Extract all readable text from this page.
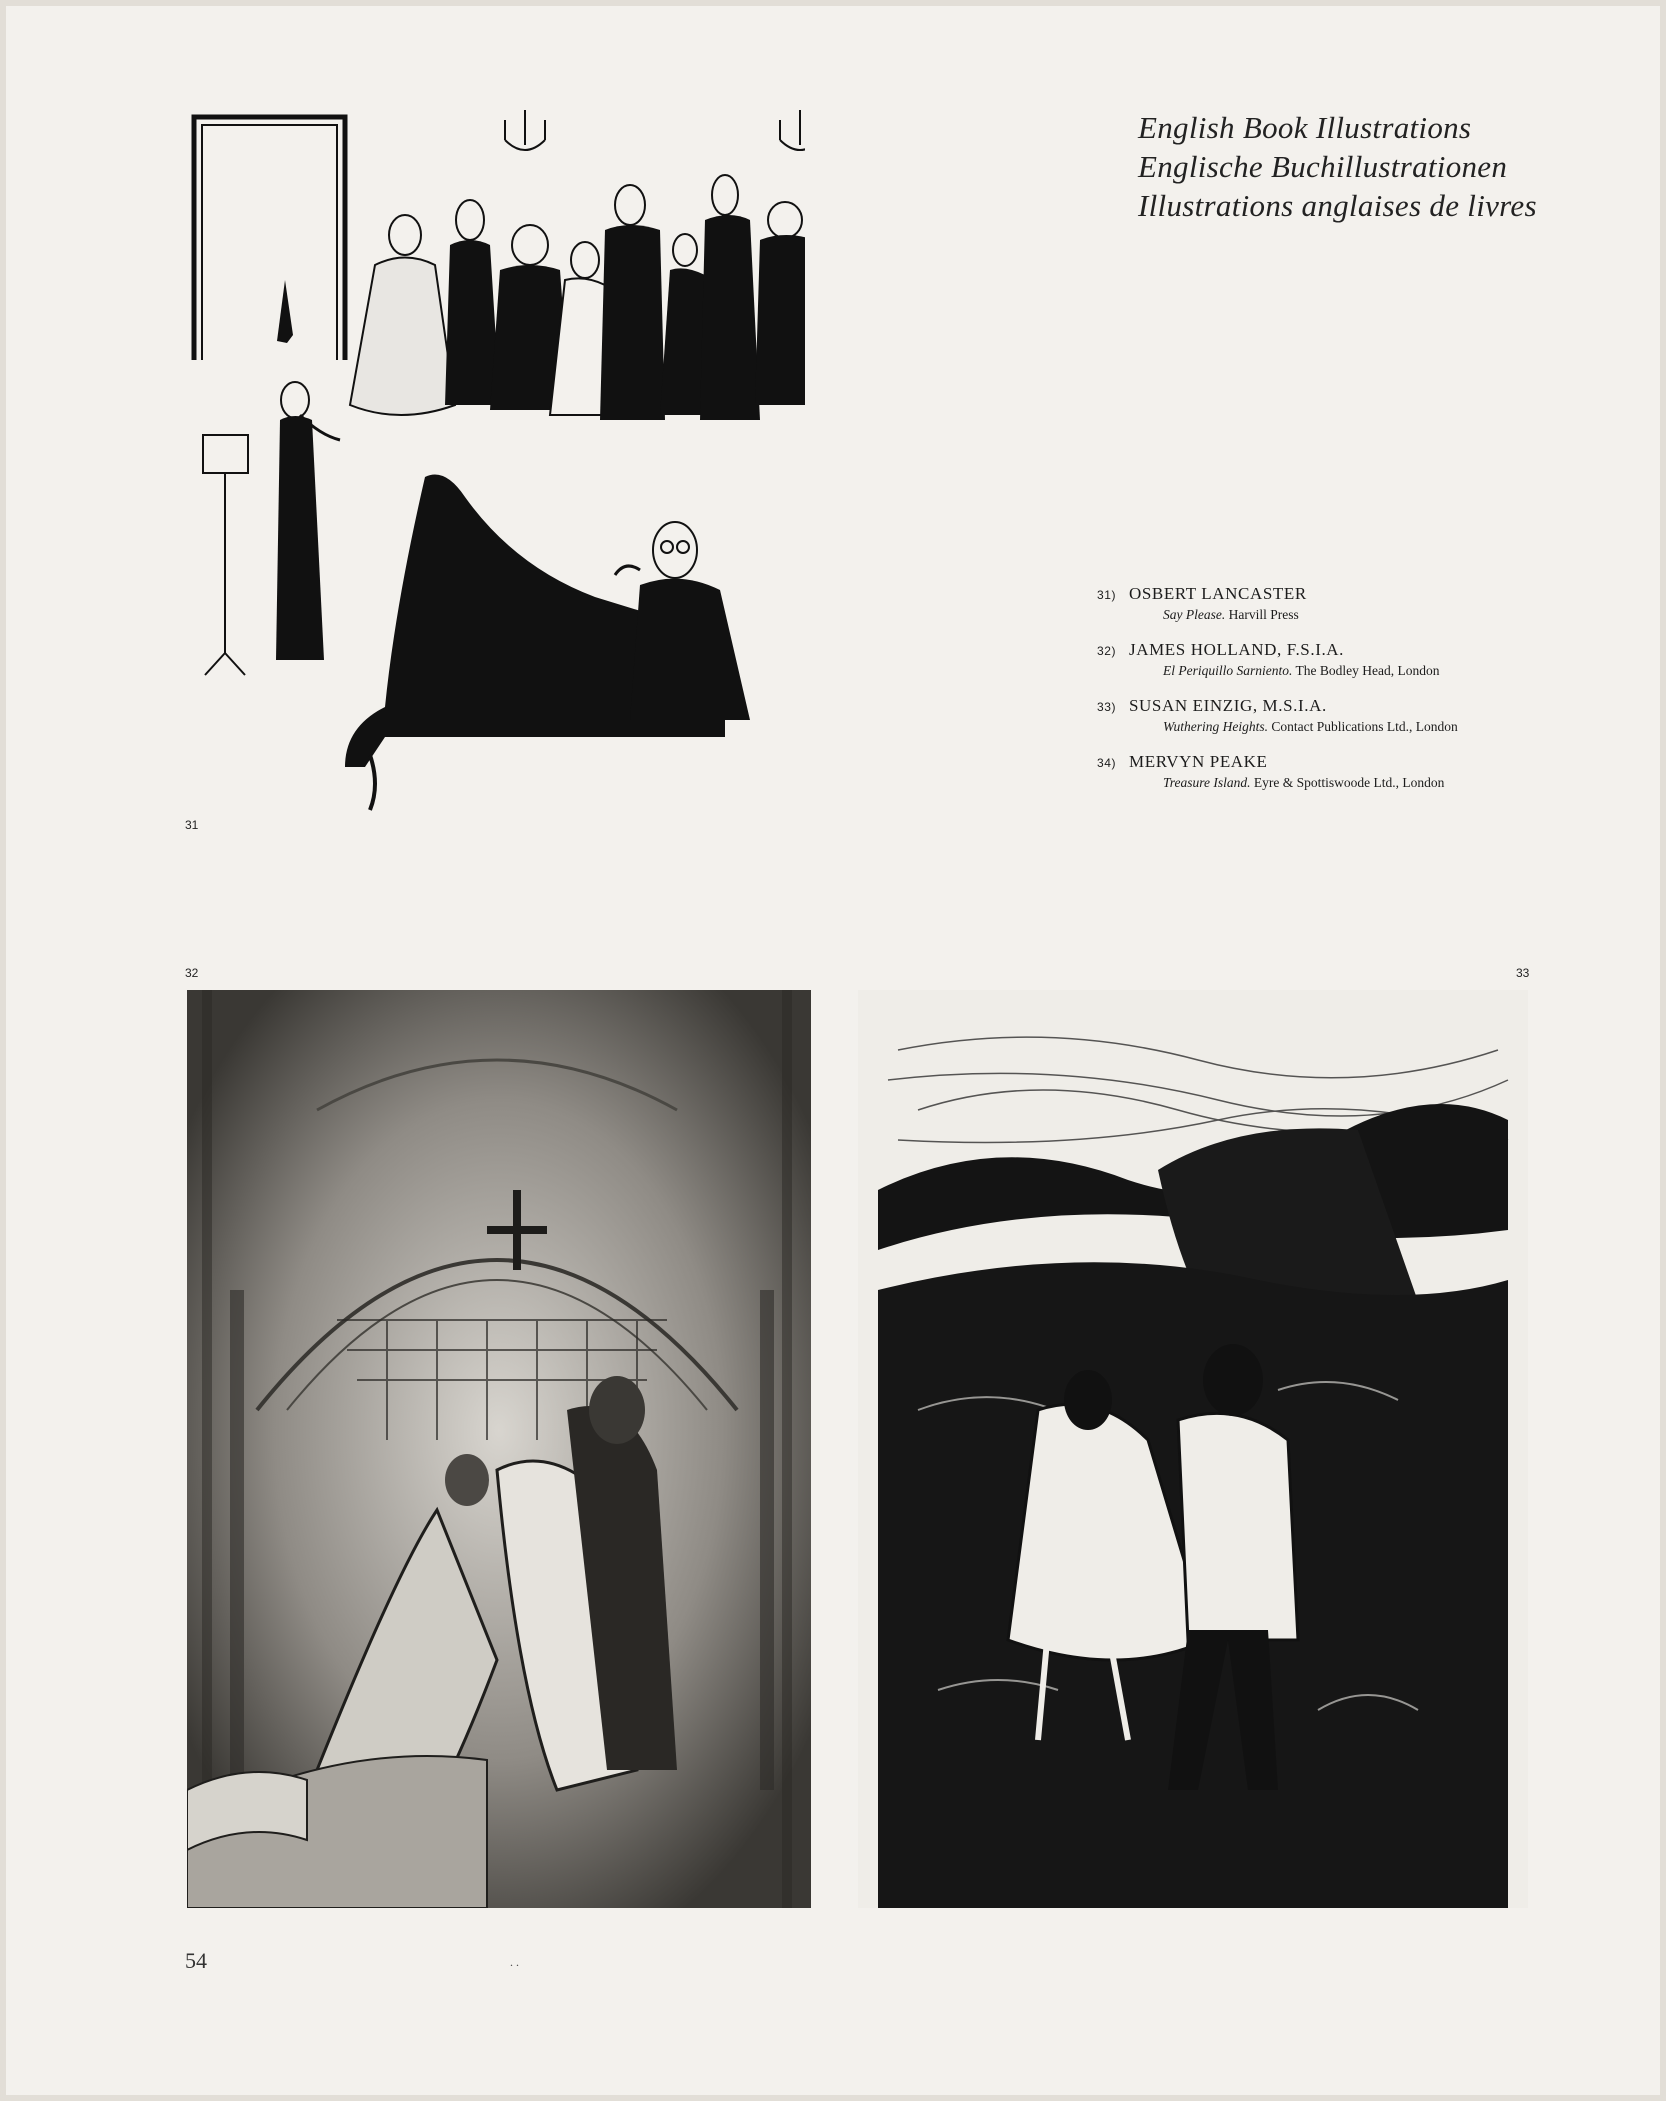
31
English Book Illustrations
Englische Buchillustrationen
Illustrations anglaises de livres
31) OSBERT LANCASTER
Say Please. Harvill Press
32) JAMES HOLLAND, F.S.I.A.
El Periquillo Sarniento. The Bodley Head, London
33) SUSAN EINZIG, M.S.I.A.
Wuthering Heights. Contact Publications Ltd., London
34) MERVYN PEAKE
Treasure Island. Eyre & Spottiswoode Ltd., London
32	33
54	..
